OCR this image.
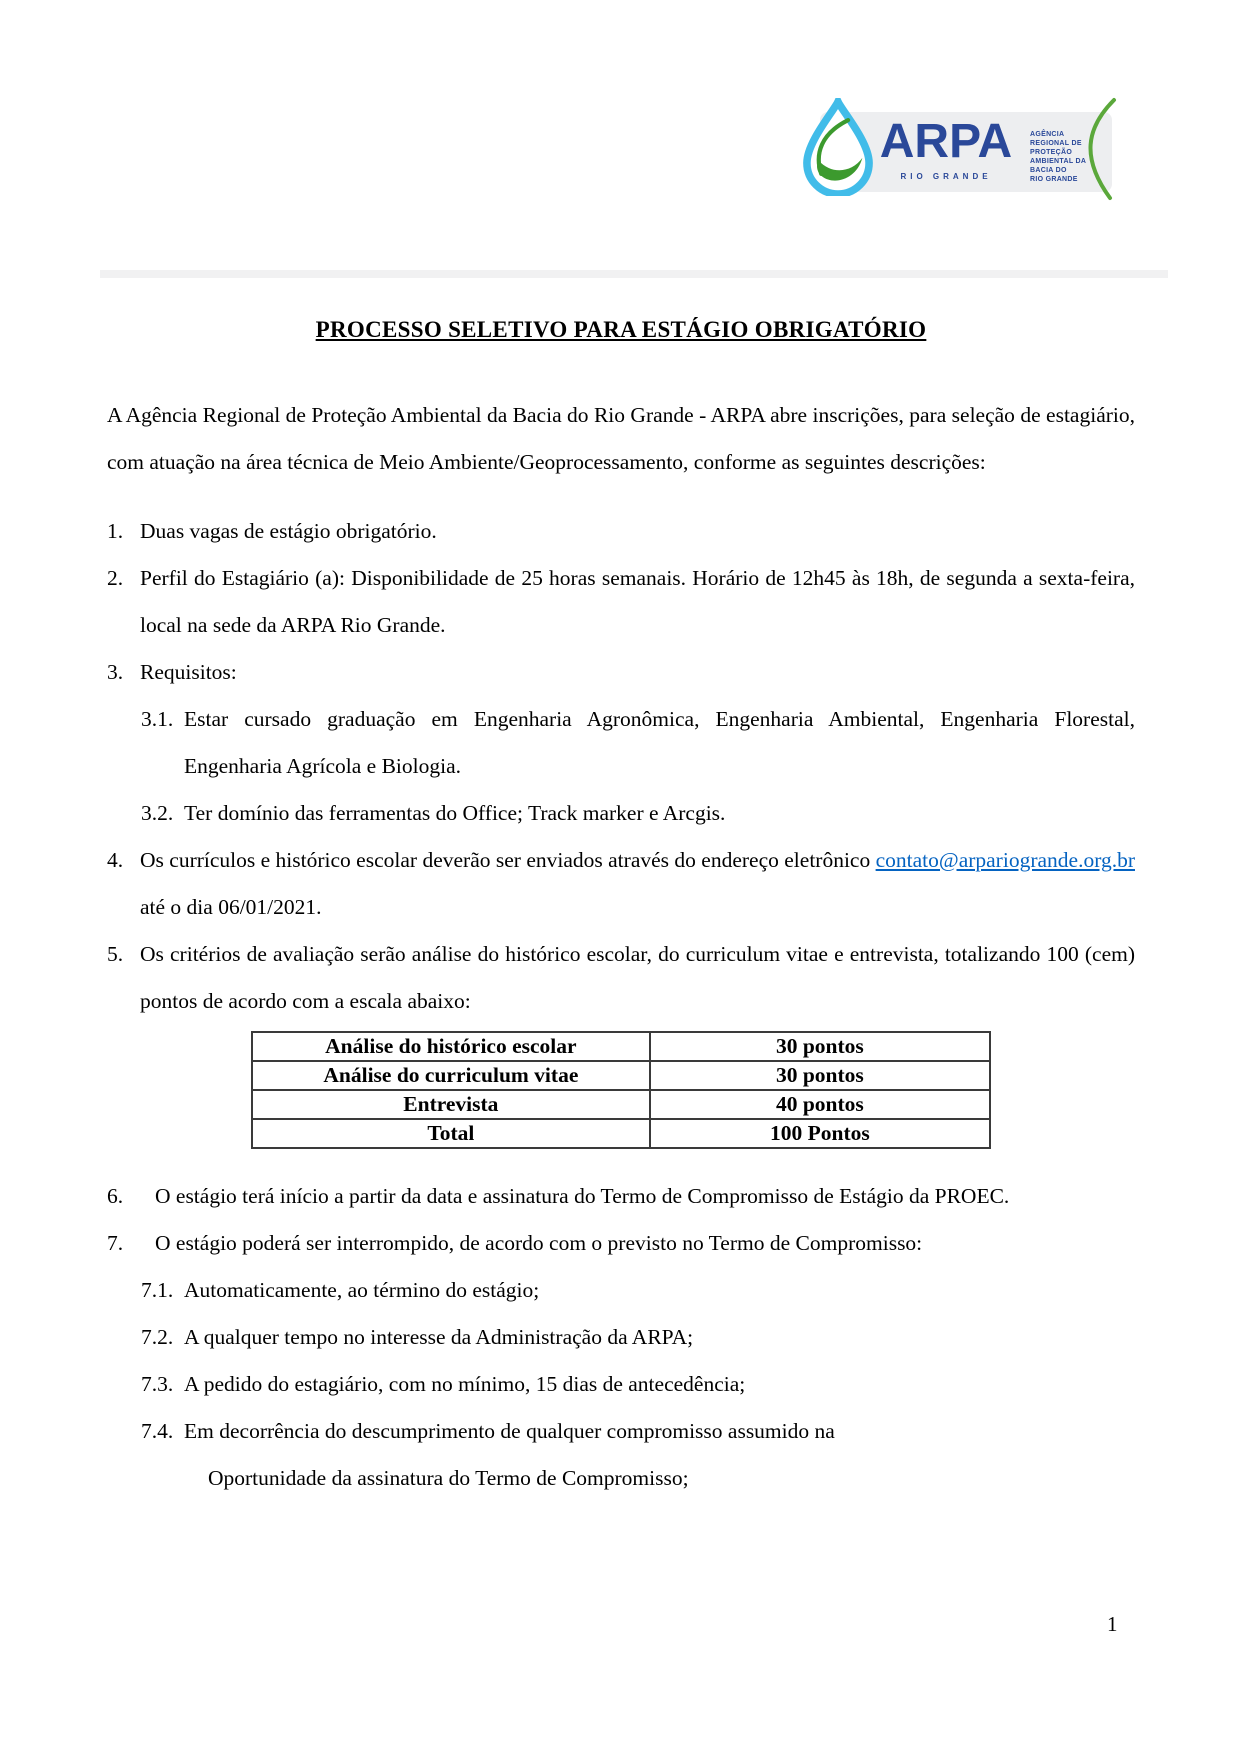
ARPA
RIO GRANDE
AGÊNCIA
REGIONAL DE
PROTEÇÃO
AMBIENTAL DA
BACIA DO
RIO GRANDE
PROCESSO SELETIVO PARA ESTÁGIO OBRIGATÓRIO

A Agência Regional de Proteção Ambiental da Bacia do Rio Grande - ARPA abre inscrições, para seleção de estagiário, com atuação na área técnica de Meio Ambiente/Geoprocessamento, conforme as seguintes descrições:

1. Duas vagas de estágio obrigatório.
2. Perfil do Estagiário (a): Disponibilidade de 25 horas semanais. Horário de 12h45 às 18h, de segunda a sexta-feira, local na sede da ARPA Rio Grande.
3. Requisitos:
3.1. Estar cursado graduação em Engenharia Agronômica, Engenharia Ambiental, Engenharia Florestal, Engenharia Agrícola e Biologia.
3.2. Ter domínio das ferramentas do Office; Track marker e Arcgis.
4. Os currículos e histórico escolar deverão ser enviados através do endereço eletrônico contato@arpariogrande.org.br até o dia 06/01/2021.
5. Os critérios de avaliação serão análise do histórico escolar, do curriculum vitae e entrevista, totalizando 100 (cem) pontos de acordo com a escala abaixo:
Análise do histórico escolar	30 pontos
Análise do curriculum vitae	30 pontos
Entrevista	40 pontos
Total	100 Pontos
6.	O estágio terá início a partir da data e assinatura do Termo de Compromisso de Estágio da PROEC.
7.	O estágio poderá ser interrompido, de acordo com o previsto no Termo de Compromisso:
7.1. Automaticamente, ao término do estágio;
7.2. A qualquer tempo no interesse da Administração da ARPA;
7.3. A pedido do estagiário, com no mínimo, 15 dias de antecedência;
7.4. Em decorrência do descumprimento de qualquer compromisso assumido na
Oportunidade da assinatura do Termo de Compromisso;
1
